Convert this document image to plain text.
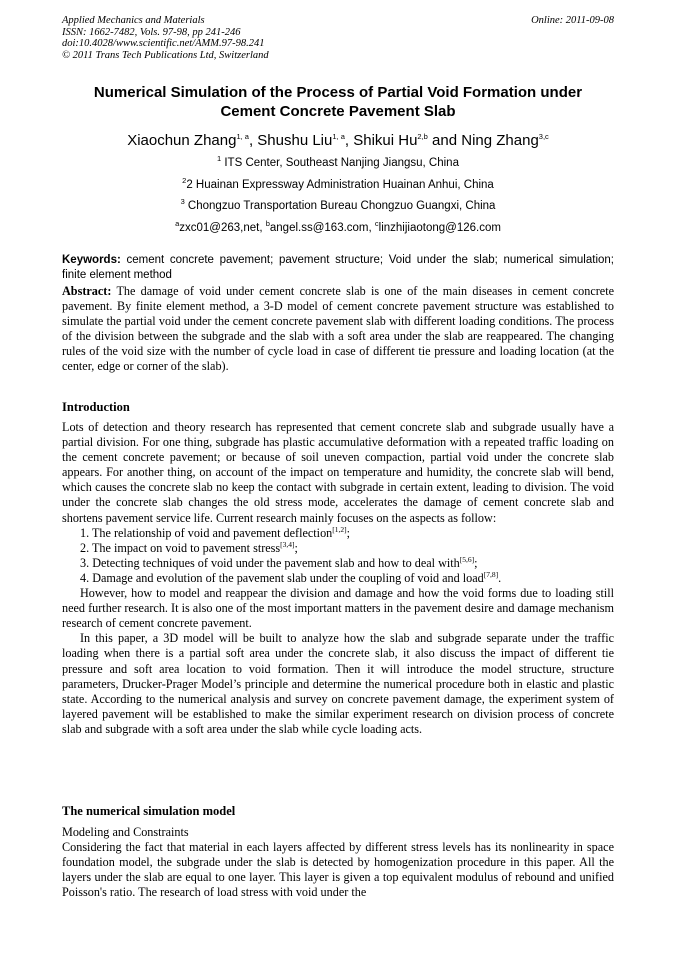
Applied Mechanics and Materials
ISSN: 1662-7482, Vols. 97-98, pp 241-246
doi:10.4028/www.scientific.net/AMM.97-98.241
© 2011 Trans Tech Publications Ltd, Switzerland
Online: 2011-09-08
Numerical Simulation of the Process of Partial Void Formation under
Cement Concrete Pavement Slab
Xiaochun Zhang$^{1, a}$, Shushu Liu$^{1, a}$, Shikui Hu$^{2,b}$ and Ning Zhang$^{3,c}$
$^1$ ITS Center, Southeast Nanjing Jiangsu, China
$^2$2 Huainan Expressway Administration Huainan Anhui, China
$^3$ Chongzuo Transportation Bureau Chongzuo Guangxi, China
$^a$zxc01@263,net, $^b$angel.ss@163.com, $^c$linzhijiaotong@126.com
Keywords: cement concrete pavement; pavement structure; Void under the slab; numerical simulation; finite element method
Abstract: The damage of void under cement concrete slab is one of the main diseases in cement concrete pavement. By finite element method, a 3-D model of cement concrete pavement structure was established to simulate the partial void under the cement concrete pavement slab with different loading conditions. The process of the division between the subgrade and the slab with a soft area under the slab are reappeared. The changing rules of the void size with the number of cycle load in case of different tie pressure and loading location (at the center, edge or corner of the slab).
Introduction

Lots of detection and theory research has represented that cement concrete slab and subgrade usually have a partial division. For one thing, subgrade has plastic accumulative deformation with a repeated traffic loading on the cement concrete pavement; or because of soil uneven compaction, partial void under the concrete slab appears. For another thing, on account of the impact on temperature and humidity, the concrete slab will bend, which causes the concrete slab no keep the contact with subgrade in certain extent, leading to division. The void under the concrete slab changes the old stress mode, accelerates the damage of cement concrete slab and shortens pavement service life. Current research mainly focuses on the aspects as follow:

1. The relationship of void and pavement deflection[1,2];

2. The impact on void to pavement stress[3,4];

3. Detecting techniques of void under the pavement slab and how to deal with[5,6];

4. Damage and evolution of the pavement slab under the coupling of void and load[7,8].

However, how to model and reappear the division and damage and how the void forms due to loading still need further research. It is also one of the most important matters in the pavement desire and damage mechanism research of cement concrete pavement.

In this paper, a 3D model will be built to analyze how the slab and subgrade separate under the traffic loading when there is a partial soft area under the concrete slab, it also discuss the impact of different tie pressure and soft area location to void formation. Then it will introduce the model structure, structure parameters, Drucker-Prager Model’s principle and determine the numerical procedure both in elastic and plastic state. According to the numerical analysis and survey on concrete pavement damage, the experiment system of layered pavement will be established to make the similar experiment research on division process of concrete slab and subgrade with a soft area under the slab while cycle loading acts.

The numerical simulation model
Modeling and Constraints

Considering the fact that material in each layers affected by different stress levels has its nonlinearity in space foundation model, the subgrade under the slab is detected by homogenization procedure in this paper. All the layers under the slab are equal to one layer. This layer is given a top equivalent modulus of rebound and unified Poisson's ratio. The research of load stress with void under the
